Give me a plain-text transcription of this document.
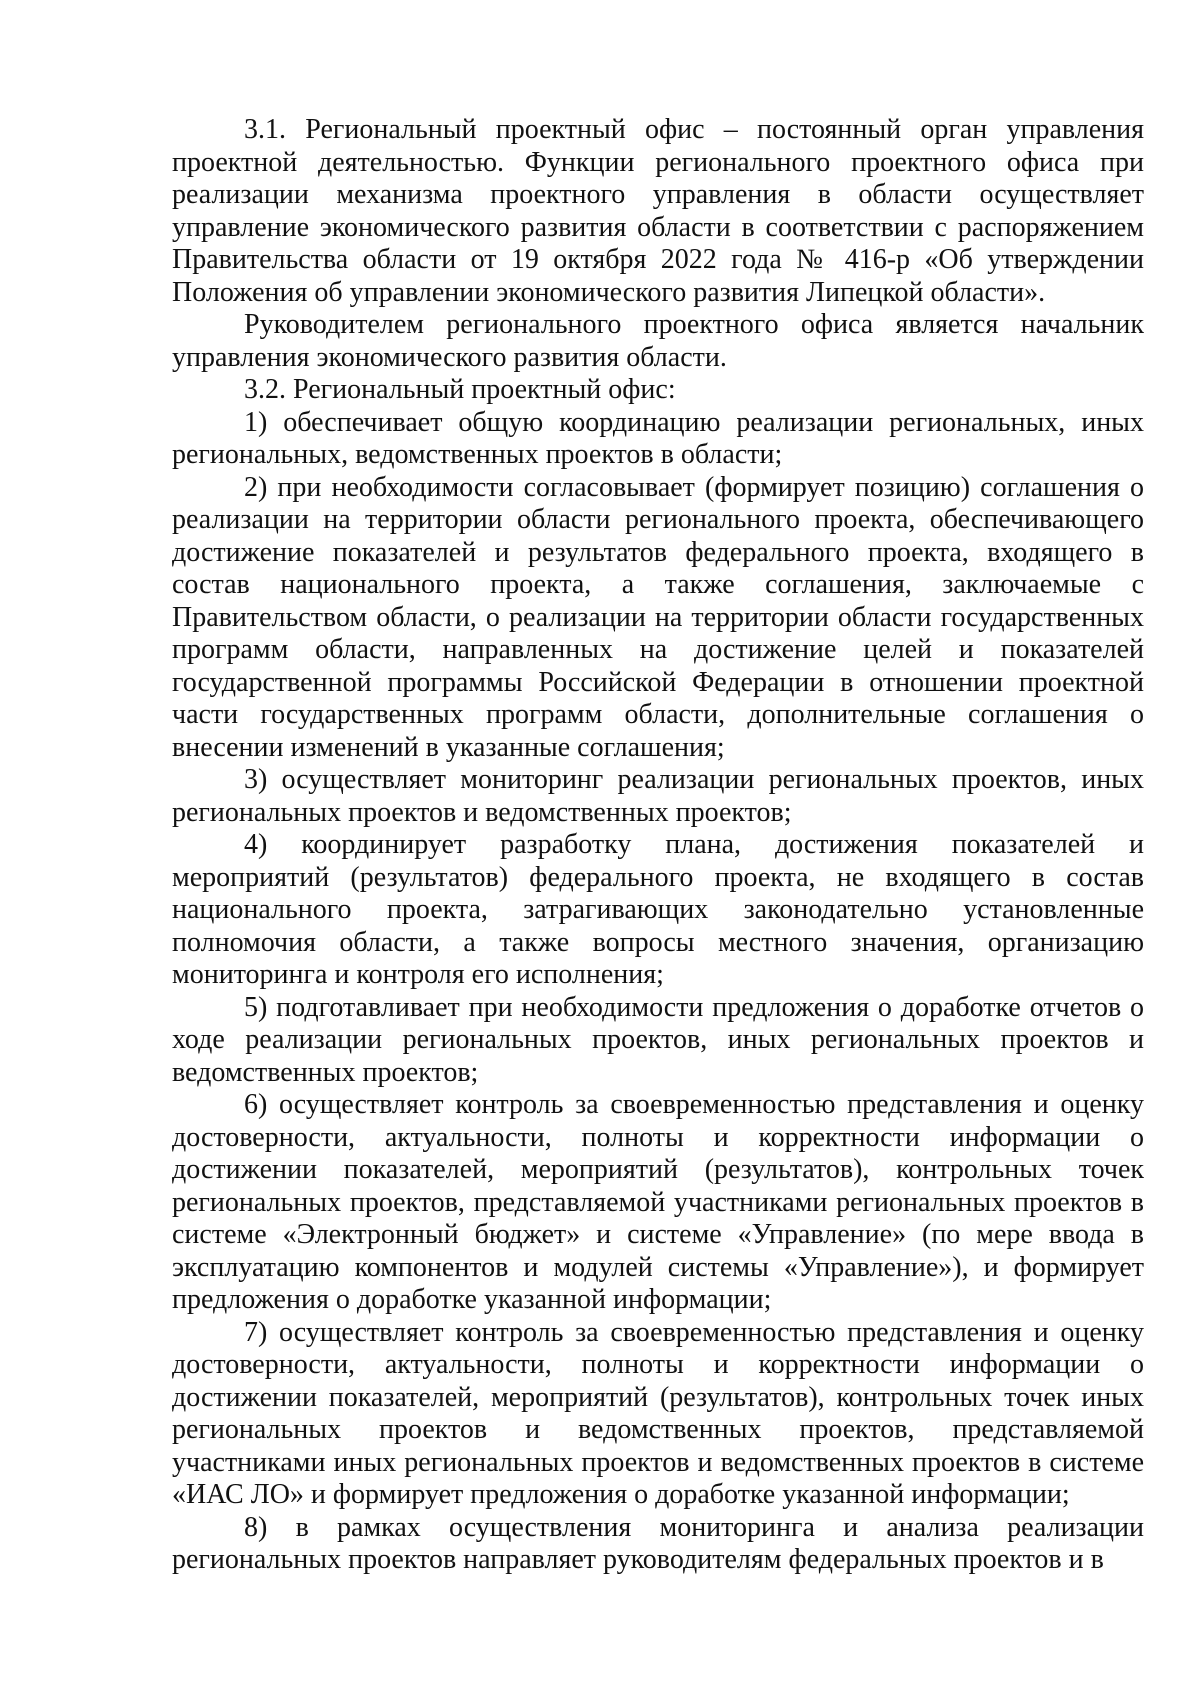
3.1. Региональный проектный офис – постоянный орган управления проектной деятельностью. Функции регионального проектного офиса при реализации механизма проектного управления в области осуществляет управление экономического развития области в соответствии с распоряжением Правительства области от 19 октября 2022 года № 416-р «Об утверждении Положения об управлении экономического развития Липецкой области».

Руководителем регионального проектного офиса является начальник управления экономического развития области.

3.2. Региональный проектный офис:

1) обеспечивает общую координацию реализации региональных, иных региональных, ведомственных проектов в области;

2) при необходимости согласовывает (формирует позицию) соглашения о реализации на территории области регионального проекта, обеспечивающего достижение показателей и результатов федерального проекта, входящего в состав национального проекта, а также соглашения, заключаемые с Правительством области, о реализации на территории области государственных программ области, направленных на достижение целей и показателей государственной программы Российской Федерации в отношении проектной части государственных программ области, дополнительные соглашения о внесении изменений в указанные соглашения;

3) осуществляет мониторинг реализации региональных проектов, иных региональных проектов и ведомственных проектов;

4) координирует разработку плана, достижения показателей и мероприятий (результатов) федерального проекта, не входящего в состав национального проекта, затрагивающих законодательно установленные полномочия области, а также вопросы местного значения, организацию мониторинга и контроля его исполнения;

5) подготавливает при необходимости предложения о доработке отчетов о ходе реализации региональных проектов, иных региональных проектов и ведомственных проектов;

6) осуществляет контроль за своевременностью представления и оценку достоверности, актуальности, полноты и корректности информации о достижении показателей, мероприятий (результатов), контрольных точек региональных проектов, представляемой участниками региональных проектов в системе «Электронный бюджет» и системе «Управление» (по мере ввода в эксплуатацию компонентов и модулей системы «Управление»), и формирует предложения о доработке указанной информации;

7) осуществляет контроль за своевременностью представления и оценку достоверности, актуальности, полноты и корректности информации о достижении показателей, мероприятий (результатов), контрольных точек иных региональных проектов и ведомственных проектов, представляемой участниками иных региональных проектов и ведомственных проектов в системе «ИАС ЛО» и формирует предложения о доработке указанной информации;

8) в рамках осуществления мониторинга и анализа реализации региональных проектов направляет руководителям федеральных проектов и в
